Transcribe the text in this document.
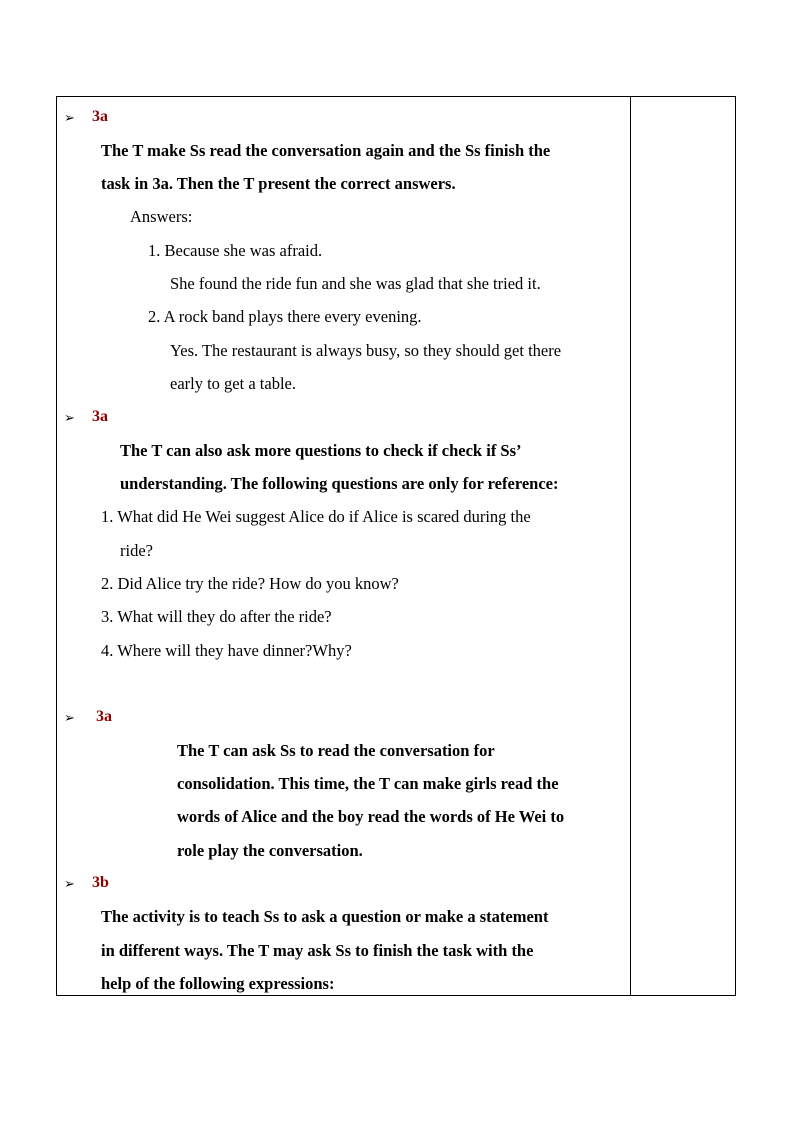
➢ 3a
The T make Ss read the conversation again and the Ss finish the
task in 3a. Then the T present the correct answers.
Answers:
1. Because she was afraid.
She found the ride fun and she was glad that she tried it.
2. A rock band plays there every evening.
Yes. The restaurant is always busy, so they should get there
early to get a table.
➢ 3a
The T can also ask more questions to check if check if Ss’
understanding. The following questions are only for reference:
1. What did He Wei suggest Alice do if Alice is scared during the
ride?
2. Did Alice try the ride? How do you know?
3. What will they do after the ride?
4. Where will they have dinner?Why?
➢ 3a
The T can ask Ss to read the conversation for
consolidation. This time, the T can make girls read the
words of Alice and the boy read the words of He Wei to
role play the conversation.
➢ 3b
The activity is to teach Ss to ask a question or make a statement
in different ways. The T may ask Ss to finish the task with the
help of the following expressions:
